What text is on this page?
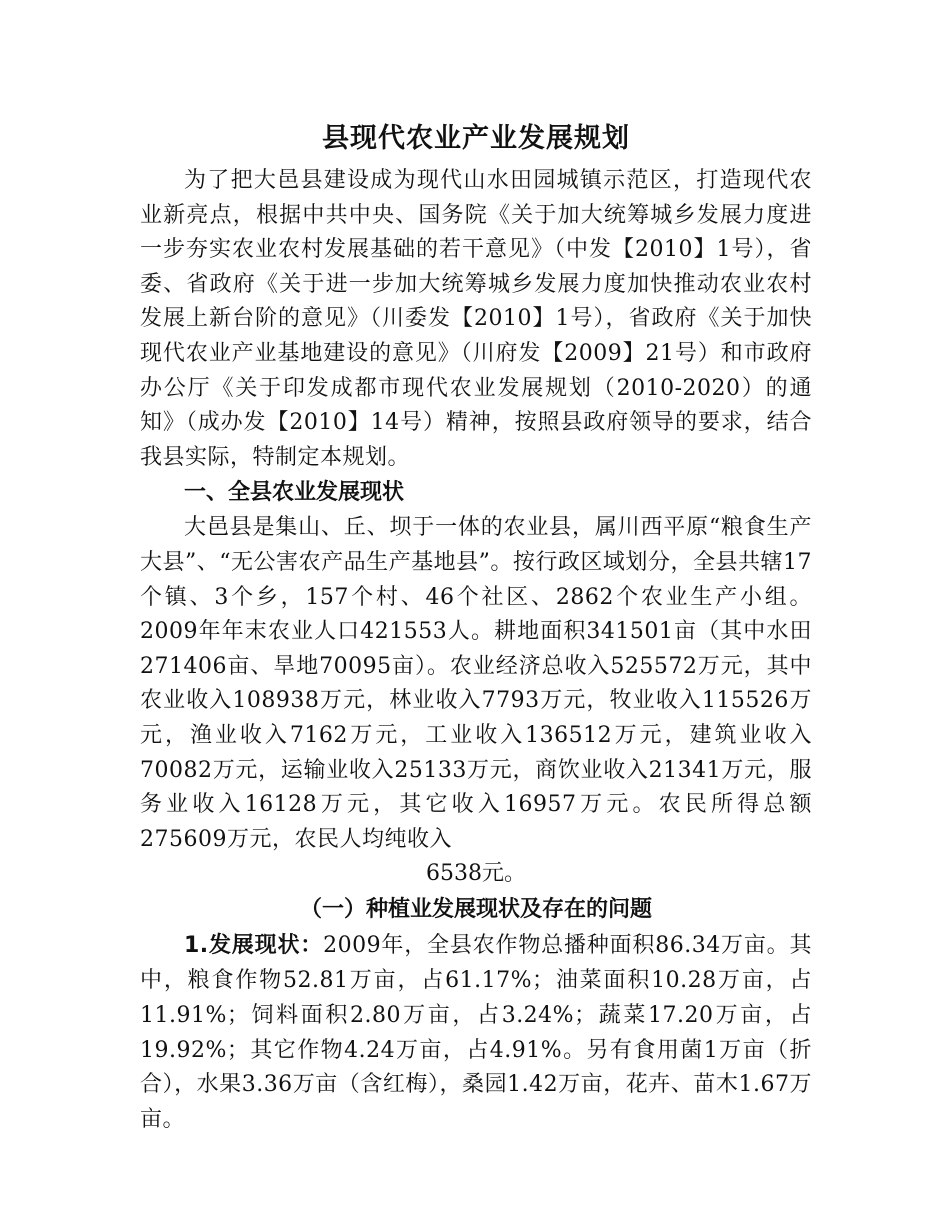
县现代农业产业发展规划

为了把大邑县建设成为现代山水田园城镇示范区，打造现代农业新亮点，根据中共中央、国务院《关于加大统筹城乡发展力度进一步夯实农业农村发展基础的若干意见》（中发【2010】1号），省委、省政府《关于进一步加大统筹城乡发展力度加快推动农业农村发展上新台阶的意见》（川委发【2010】1号），省政府《关于加快现代农业产业基地建设的意见》（川府发【2009】21号）和市政府办公厅《关于印发成都市现代农业发展规划（2010-2020）的通知》（成办发【2010】14号）精神，按照县政府领导的要求，结合我县实际，特制定本规划。

一、全县农业发展现状

大邑县是集山、丘、坝于一体的农业县，属川西平原“粮食生产大县”、“无公害农产品生产基地县”。按行政区域划分，全县共辖17个镇、3个乡，157个村、46个社区、2862个农业生产小组。2009年年末农业人口421553人。耕地面积341501亩（其中水田271406亩、旱地70095亩）。农业经济总收入525572万元，其中农业收入108938万元，林业收入7793万元，牧业收入115526万元，渔业收入7162万元，工业收入136512万元，建筑业收入70082万元，运输业收入25133万元，商饮业收入21341万元，服务业收入16128万元，其它收入16957万元。农民所得总额275609万元，农民人均纯收入

6538元。

（一）种植业发展现状及存在的问题

1.发展现状：2009年，全县农作物总播种面积86.34万亩。其中，粮食作物52.81万亩，占61.17%；油菜面积10.28万亩，占11.91%；饲料面积2.80万亩，占3.24%；蔬菜17.20万亩，占19.92%；其它作物4.24万亩，占4.91%。另有食用菌1万亩（折合），水果3.36万亩（含红梅），桑园1.42万亩，花卉、苗木1.67万亩。
